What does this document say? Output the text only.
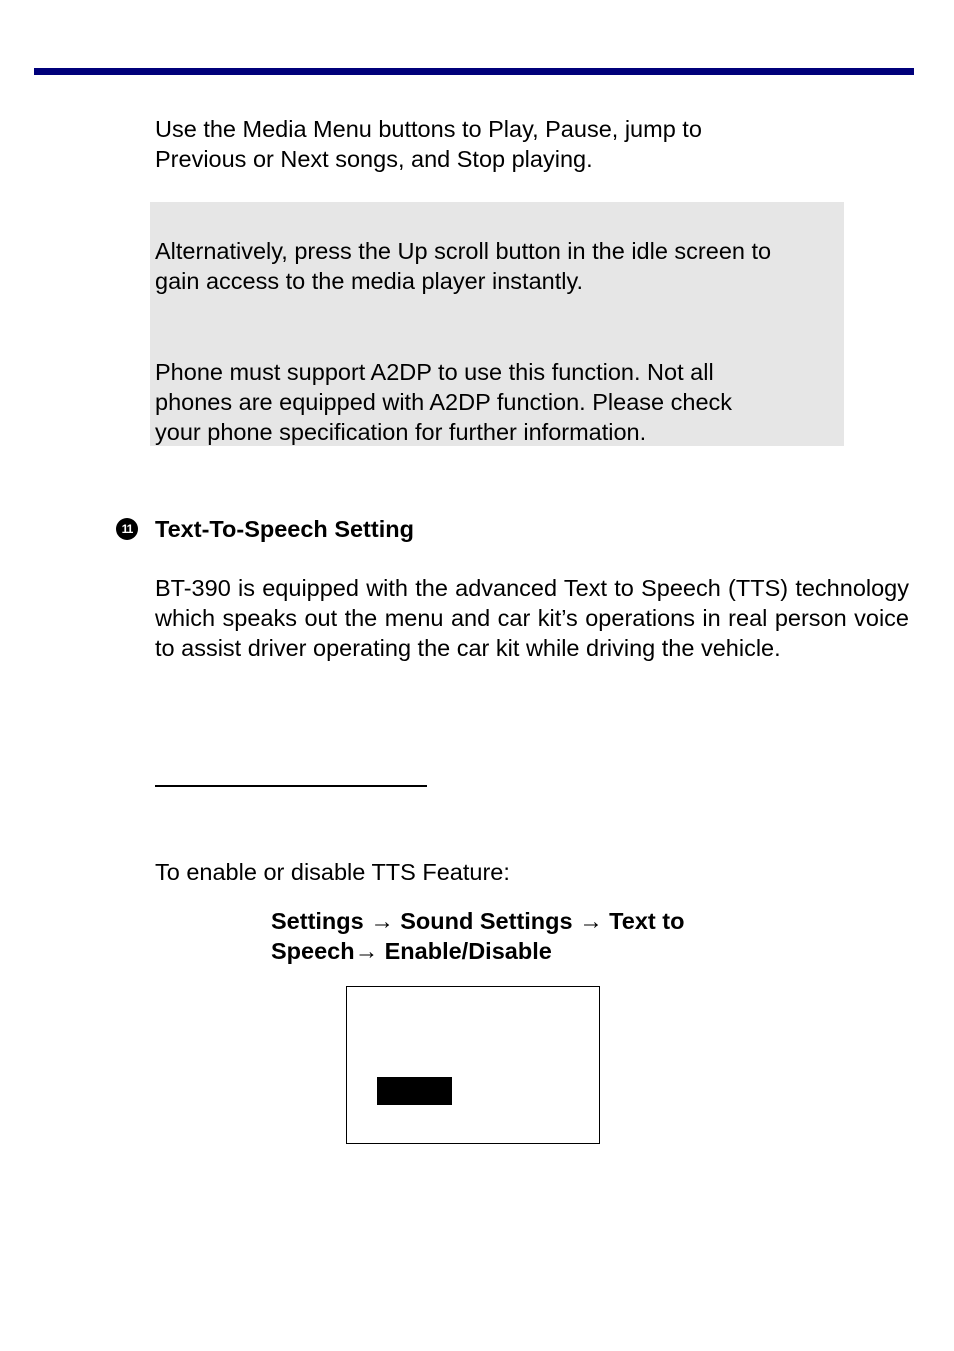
Use the Media Menu buttons to Play, Pause, jump to
Previous or Next songs, and Stop playing.

Alternatively, press the Up scroll button in the idle screen to
gain access to the media player instantly.

Phone must support A2DP to use this function. Not all
phones are equipped with A2DP function. Please check
your phone specification for further information.

11 Text-To-Speech Setting

BT-390 is equipped with the advanced Text to Speech (TTS) technology which speaks out the menu and car kit’s operations in real person voice to assist driver operating the car kit while driving the vehicle.

To enable or disable TTS Feature:

Settings → Sound Settings → Text to
Speech→ Enable/Disable
